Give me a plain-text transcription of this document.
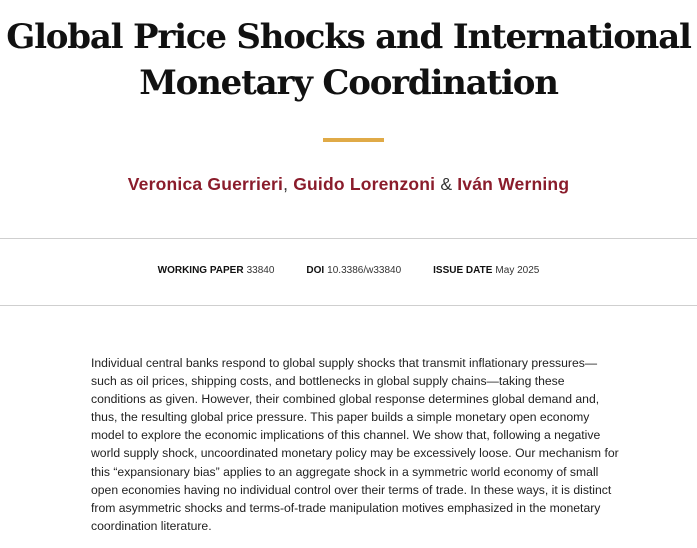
Global Price Shocks and International
Monetary Coordination
Veronica Guerrieri, Guido Lorenzoni & Iván Werning
WORKING PAPER 33840	DOI 10.3386/w33840	ISSUE DATE May 2025

Individual central banks respond to global supply shocks that transmit inflationary pressures—such as oil prices, shipping costs, and bottlenecks in global supply chains—taking these conditions as given. However, their combined global response determines global demand and, thus, the resulting global price pressure. This paper builds a simple monetary open economy model to explore the economic implications of this channel. We show that, following a negative world supply shock, uncoordinated monetary policy may be excessively loose. Our mechanism for this “expansionary bias” applies to an aggregate shock in a symmetric world economy of small open economies having no individual control over their terms of trade. In these ways, it is distinct from asymmetric shocks and terms-of-trade manipulation motives emphasized in the monetary coordination literature.
